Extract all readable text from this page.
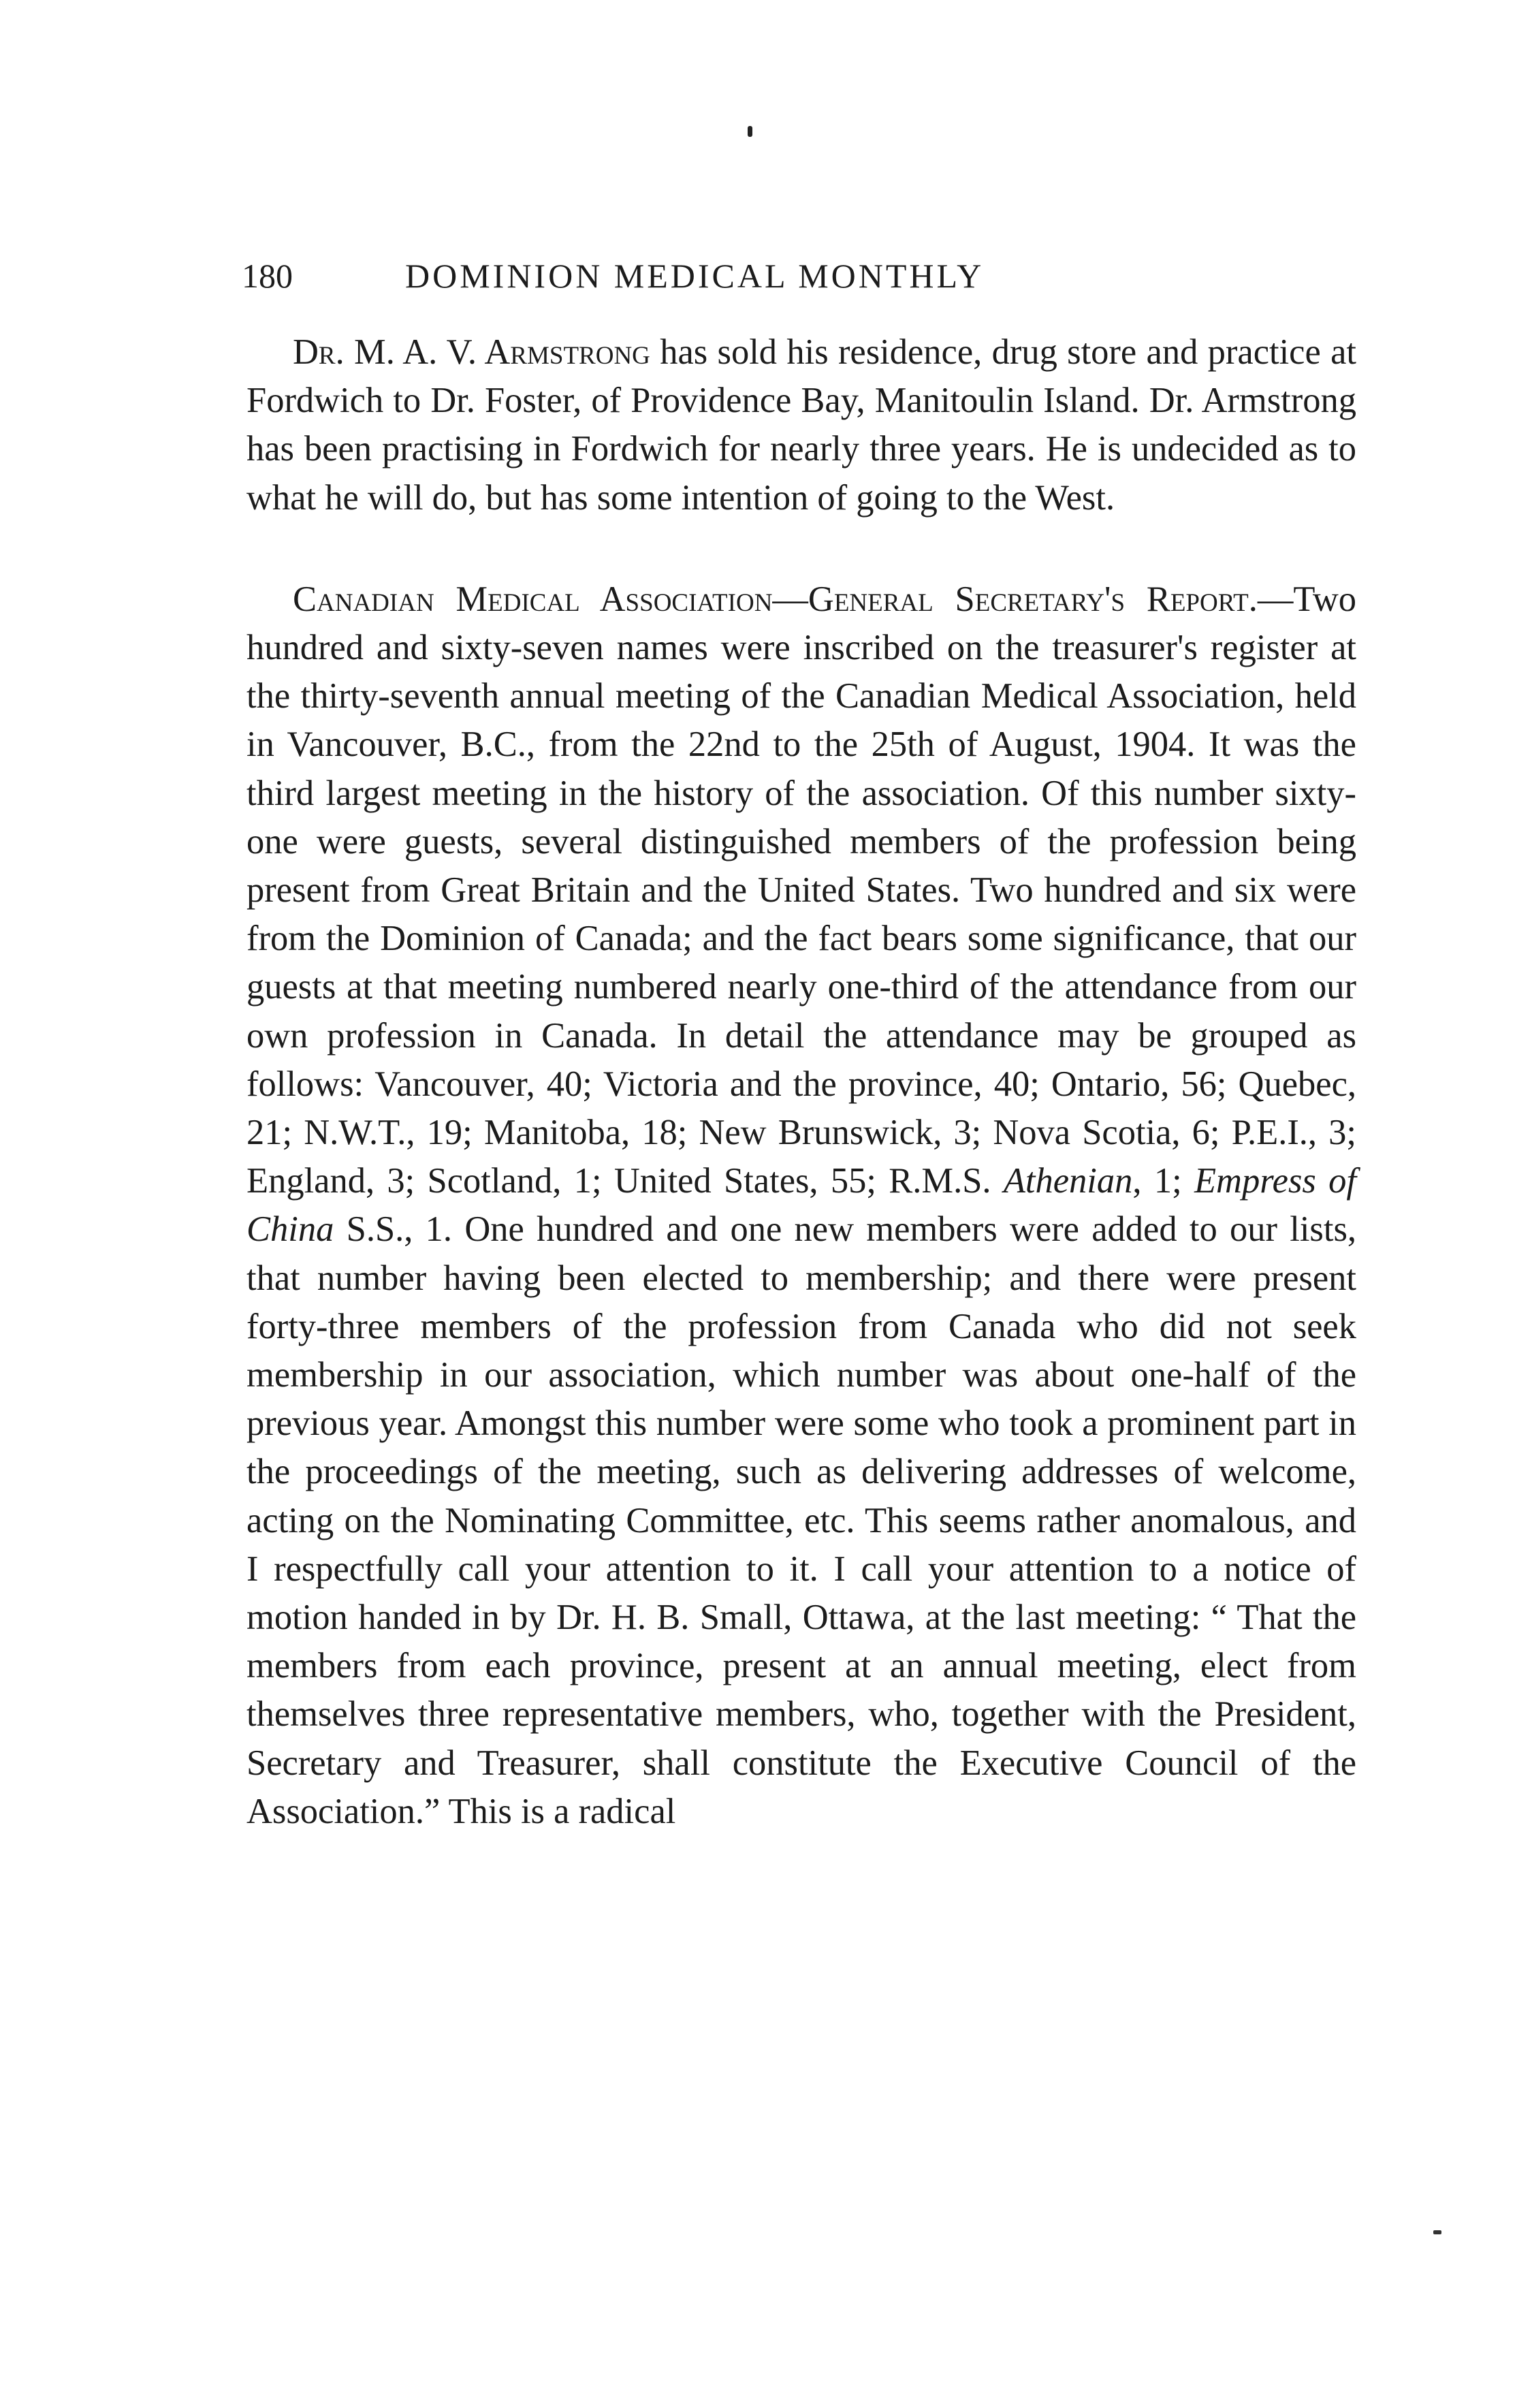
180	DOMINION MEDICAL MONTHLY

Dr. M. A. V. Armstrong has sold his residence, drug store and practice at Fordwich to Dr. Foster, of Providence Bay, Manitoulin Island. Dr. Armstrong has been practising in Fordwich for nearly three years. He is undecided as to what he will do, but has some intention of going to the West.

Canadian Medical Association—General Secretary's Report.—Two hundred and sixty-seven names were inscribed on the treasurer's register at the thirty-seventh annual meeting of the Canadian Medical Association, held in Vancouver, B.C., from the 22nd to the 25th of August, 1904. It was the third largest meeting in the history of the association. Of this number sixty-one were guests, several distinguished members of the profession being present from Great Britain and the United States. Two hundred and six were from the Dominion of Canada; and the fact bears some significance, that our guests at that meeting numbered nearly one-third of the attendance from our own profession in Canada. In detail the attendance may be grouped as follows: Vancouver, 40; Victoria and the province, 40; Ontario, 56; Quebec, 21; N.W.T., 19; Manitoba, 18; New Brunswick, 3; Nova Scotia, 6; P.E.I., 3; England, 3; Scotland, 1; United States, 55; R.M.S. Athenian, 1; Empress of China S.S., 1. One hundred and one new members were added to our lists, that number having been elected to membership; and there were present forty-three members of the profession from Canada who did not seek membership in our association, which number was about one-half of the previous year. Amongst this number were some who took a prominent part in the proceedings of the meeting, such as delivering addresses of welcome, acting on the Nominating Committee, etc. This seems rather anomalous, and I respectfully call your attention to it. I call your attention to a notice of motion handed in by Dr. H. B. Small, Ottawa, at the last meeting: “ That the members from each province, present at an annual meeting, elect from themselves three representative members, who, together with the President, Secretary and Treasurer, shall constitute the Executive Council of the Association.” This is a radical
